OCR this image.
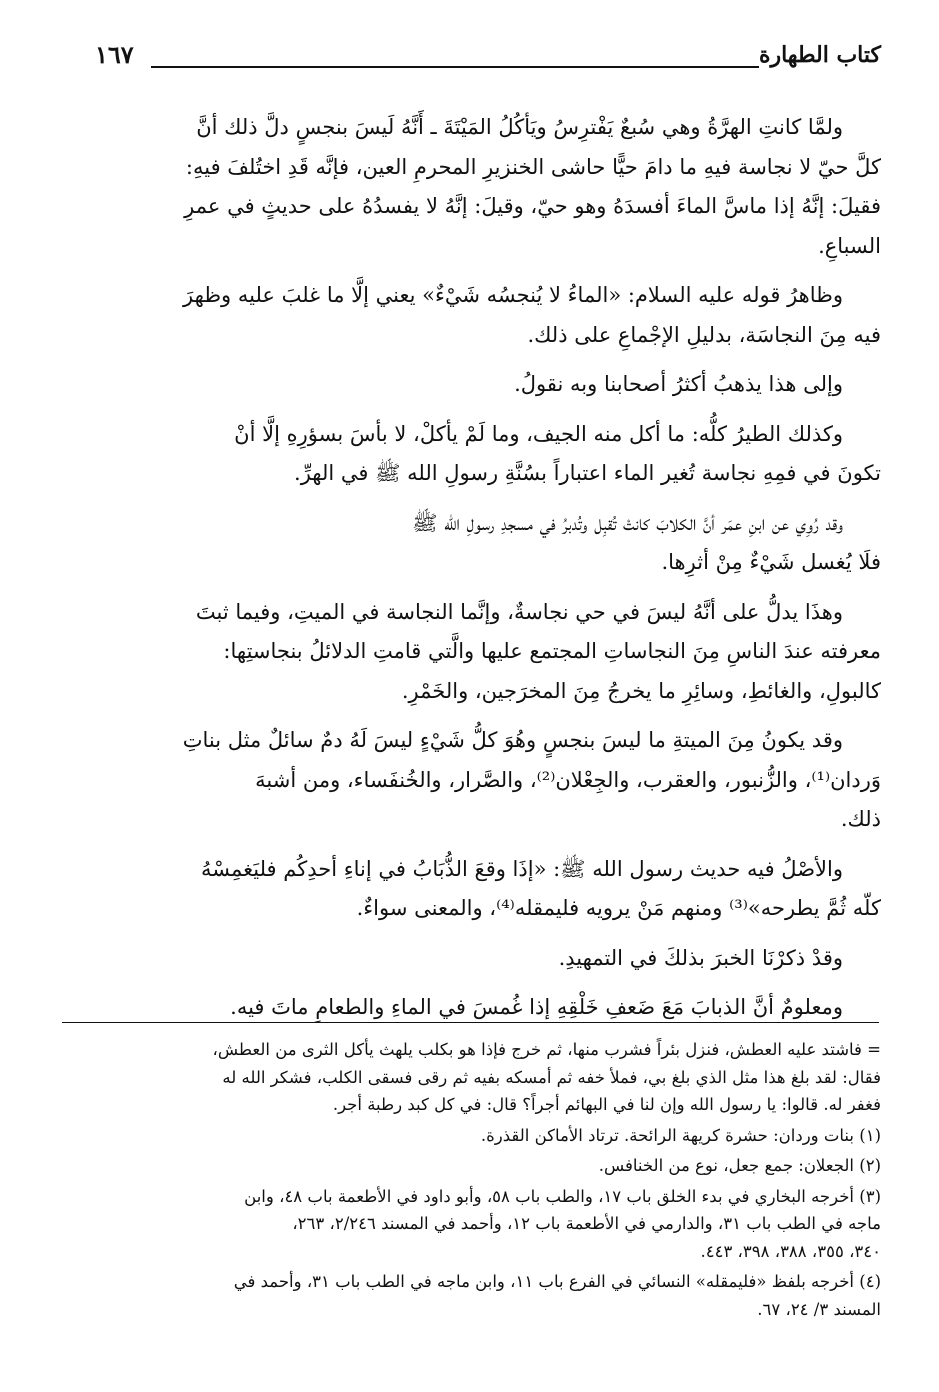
كتاب الطهارة
١٦٧

ولمَّا كانتِ الهرَّةُ وهي سُبعٌ يَفْترِسُ ويَأكُلُ المَيْتَةَ ـ أَنَّهُ لَيسَ بنجسٍ دلَّ ذلك أنَّ
كلَّ حيّ لا نجاسة فيهِ ما دامَ حيًّا حاشى الخنزيرِ المحرمِ العين، فإنَّه قَدِ اختُلفَ فيهِ:
فقيلَ: إنَّهُ إذا ماسَّ الماءَ أفسدَهُ وهو حيّ، وقيلَ: إنَّهُ لا يفسدُهُ على حديثٍ في عمرِ
السباعِ.

وظاهرُ قوله عليه السلام: «الماءُ لا يُنجسُه شَيْءٌ» يعني إلَّا ما غلبَ عليه وظهرَ
فيه مِنَ النجاسَة، بدليلِ الإجْماعِ على ذلك.

وإلى هذا يذهبُ أكثرُ أصحابنا وبه نقولُ.

وكذلك الطيرُ كلُّه: ما أكل منه الجيف، وما لَمْ يأكلْ، لا بأسَ بسؤرِهِ إلَّا أنْ
تكونَ في فمِهِ نجاسة تُغير الماء اعتباراً بسُنَّةِ رسولِ الله ﷺ في الهرِّ.

وقد رُوِي عن ابنِ عمَر أنَّ الكلابَ كانتْ تُقبِل وتُدبرُ في مسجدِ رسولِ الله ﷺ
فلَا يُغسل شَيْءٌ مِنْ أثرِها.

وهذَا يدلُّ على أنَّهُ ليسَ في حي نجاسةٌ، وإنَّما النجاسة في الميتِ، وفيما ثبتَ
معرفته عندَ الناسِ مِنَ النجاساتِ المجتمع عليها والَّتي قامتِ الدلائلُ بنجاستِها:
كالبولِ، والغائطِ، وسائِرِ ما يخرجُ مِنَ المخرَجين، والخَمْرِ.

وقد يكونُ مِنَ الميتةِ ما ليسَ بنجسٍ وهُوَ كلُّ شَيْءٍ ليسَ لَهُ دمٌ سائلٌ مثل بناتِ
وَردان⁽¹⁾، والزُّنبور، والعقرب، والجِعْلان⁽²⁾، والصَّرار، والخُنفَساء، ومن أشبهَ
ذلك.

والأصْلُ فيه حديث رسول الله ﷺ: «إذَا وقعَ الذُّبَابُ في إناءِ أحدِكُم فليَغمِسْهُ
كلّه ثُمَّ يطرحه»⁽³⁾ ومنهم مَنْ يرويه فليمقله⁽⁴⁾، والمعنى سواءٌ.

وقدْ ذكرْنَا الخبرَ بذلكَ في التمهيدِ.

ومعلومٌ أنَّ الذبابَ مَعَ ضَعفِ خَلْقِهِ إذا غُمسَ في الماءِ والطعامِ ماتَ فيه.

= فاشتد عليه العطش، فنزل بئراً فشرب منها، ثم خرج فإذا هو بكلب يلهث يأكل الثرى من العطش،
فقال: لقد بلغ هذا مثل الذي بلغ بي، فملأ خفه ثم أمسكه بفيه ثم رقى فسقى الكلب، فشكر الله له
فغفر له. قالوا: يا رسول الله وإن لنا في البهائم أجراً؟ قال: في كل كبد رطبة أجر.

(١) بنات وردان: حشرة كريهة الرائحة. ترتاد الأماكن القذرة.

(٢) الجعلان: جمع جعل، نوع من الخنافس.

(٣) أخرجه البخاري في بدء الخلق باب ١٧، والطب باب ٥٨، وأبو داود في الأطعمة باب ٤٨، وابن
ماجه في الطب باب ٣١، والدارمي في الأطعمة باب ١٢، وأحمد في المسند ٢/٢٤٦، ٢٦٣،
٣٤٠، ٣٥٥، ٣٨٨، ٣٩٨، ٤٤٣.

(٤) أخرجه بلفظ «فليمقله» النسائي في الفرع باب ١١، وابن ماجه في الطب باب ٣١، وأحمد في
المسند ٣/ ٢٤، ٦٧.
